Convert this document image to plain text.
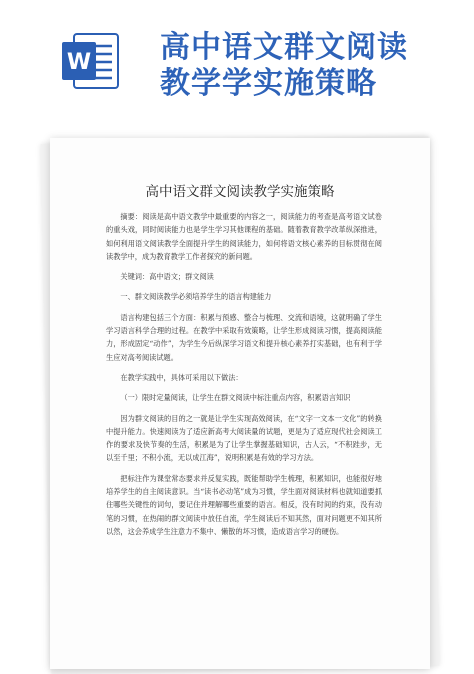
W 高中语文群文阅读
教学学实施策略
高中语文群文阅读教学实施策略

摘要：阅读是高中语文教学中最重要的内容之一，阅读能力的考查是高考语文试卷的重头戏，同时阅读能力也是学生学习其他课程的基础。随着教育教学改革纵深推进，如何利用语文阅读教学全面提升学生的阅读能力，如何将语文核心素养的目标贯彻在阅读教学中，成为教育教学工作者探究的新问题。

关键词：高中语文；群文阅读

一、群文阅读教学必须培养学生的语言构建能力

语言构建包括三个方面：积累与预感、整合与梳理、交流和语境，这就明确了学生学习语言科学合理的过程。在教学中采取有效策略，让学生形成阅读习惯，提高阅读能力，形成固定“动作”，为学生今后纵深学习语文和提升核心素养打实基础，也有利于学生应对高考阅读试题。

在教学实践中，具体可采用以下做法：

（一）限时定量阅读，让学生在群文阅读中标注重点内容，积累语言知识

因为群文阅读的目的之一就是让学生实现高效阅读，在“文字一文本一文化”的转换中提升能力。快速阅读为了适应新高考大阅读量的试题，更是为了适应现代社会阅读工作的要求及快节奏的生活，积累是为了让学生掌握基础知识，古人云，“不积跬步，无以至千里；不积小流，无以成江海”，说明积累是有效的学习方法。

把标注作为课堂常态要求并反复实践，既能帮助学生梳理，积累知识，也能很好地培养学生的自主阅读意识。当“读书必动笔”成为习惯，学生面对阅读材料也就知道要抓住哪些关键性的词句，要记住并理解哪些重要的语言。相反，没有时间的约束，没有动笔的习惯，在热闹的群文阅读中放任自流，学生阅读后不知其然，面对问题更不知其所以然，这会养成学生注意力不集中、懒散的坏习惯，造成语言学习的硬伤。
